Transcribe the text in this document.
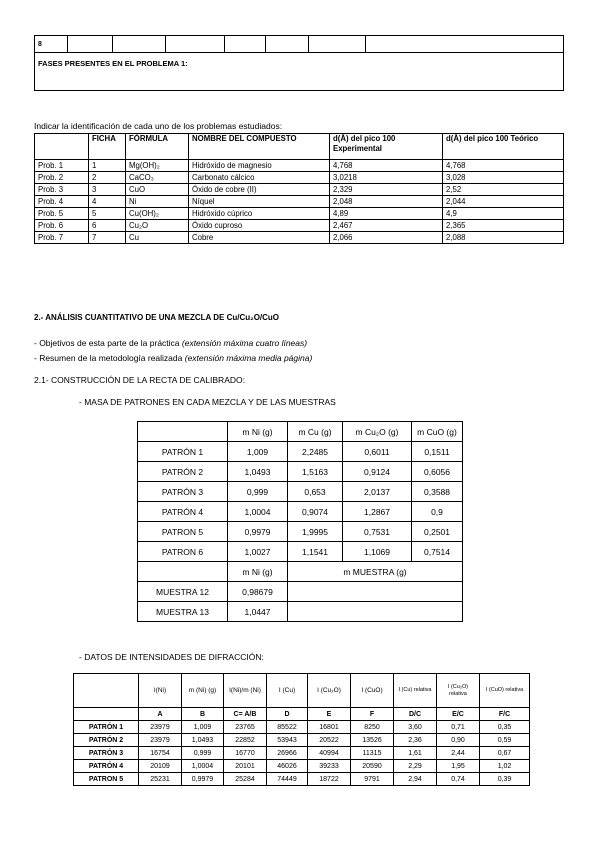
8							
FASES PRESENTES EN EL PROBLEMA 1:
Indicar la identificación de cada uno de los problemas estudiados:
	FICHA	FÓRMULA	NOMBRE DEL COMPUESTO	d(Å) del pico 100 Experimental	d(Å) del pico 100 Teórico
Prob. 1	1	Mg(OH)₂	Hidróxido de magnesio	4,768	4,768
Prob. 2	2	CaCO₃	Carbonato cálcico	3,0218	3,028
Prob. 3	3	CuO	Óxido de cobre (II)	2,329	2,52
Prob. 4	4	Ni	Níquel	2,048	2,044
Prob. 5	5	Cu(OH)₂	Hidróxido cúprico	4,89	4,9
Prob. 6	6	Cu₂O	Óxido cuproso	2,467	2,365
Prob. 7	7	Cu	Cobre	2,066	2,088
2.- ANÁLISIS CUANTITATIVO DE UNA MEZCLA DE Cu/Cu₂O/CuO
- Objetivos de esta parte de la práctica (extensión máxima cuatro líneas)
- Resumen de la metodología realizada (extensión máxima media página)
2.1- CONSTRUCCIÓN DE LA RECTA DE CALIBRADO:
- MASA DE PATRONES EN CADA MEZCLA Y DE LAS MUESTRAS
	m Ni (g)	m Cu (g)	m Cu₂O (g)	m CuO (g)
PATRÓN 1	1,009	2,2485	0,6011	0,1511
PATRÓN 2	1,0493	1,5163	0,9124	0,6056
PATRÓN 3	0,999	0,653	2,0137	0,3588
PATRÓN 4	1,0004	0,9074	1,2867	0,9
PATRON 5	0,9979	1,9995	0,7531	0,2501
PATRON 6	1,0027	1,1541	1,1069	0,7514
	m Ni (g)	m MUESTRA (g)		
MUESTRA 12	0,98679			
MUESTRA 13	1,0447			
- DATOS DE INTENSIDADES DE DIFRACCIÓN:
	I(Ni)	m (Ni) (g)	I(Ni)/m (Ni)	I (Cu)	I (Cu₂O)	I (CuO)	I (Cu) relativa	I (Cu₂O) relativa	I (CuO) relativa

	A	B	C= A/B	D	E	F	D/C	E/C	F/C
PATRÓN 1	23979	1,009	23765	85522	16801	8250	3,60	0,71	0,35
PATRÓN 2	23979	1,0493	22852	53943	20522	13526	2,36	0,90	0,59
PATRÓN 3	16754	0,999	16770	26966	40994	11315	1,61	2,44	0,67
PATRÓN 4	20109	1,0004	20101	46026	39233	20590	2,29	1,95	1,02
PATRON 5	25231	0,9979	25284	74449	18722	9791	2,94	0,74	0,39
